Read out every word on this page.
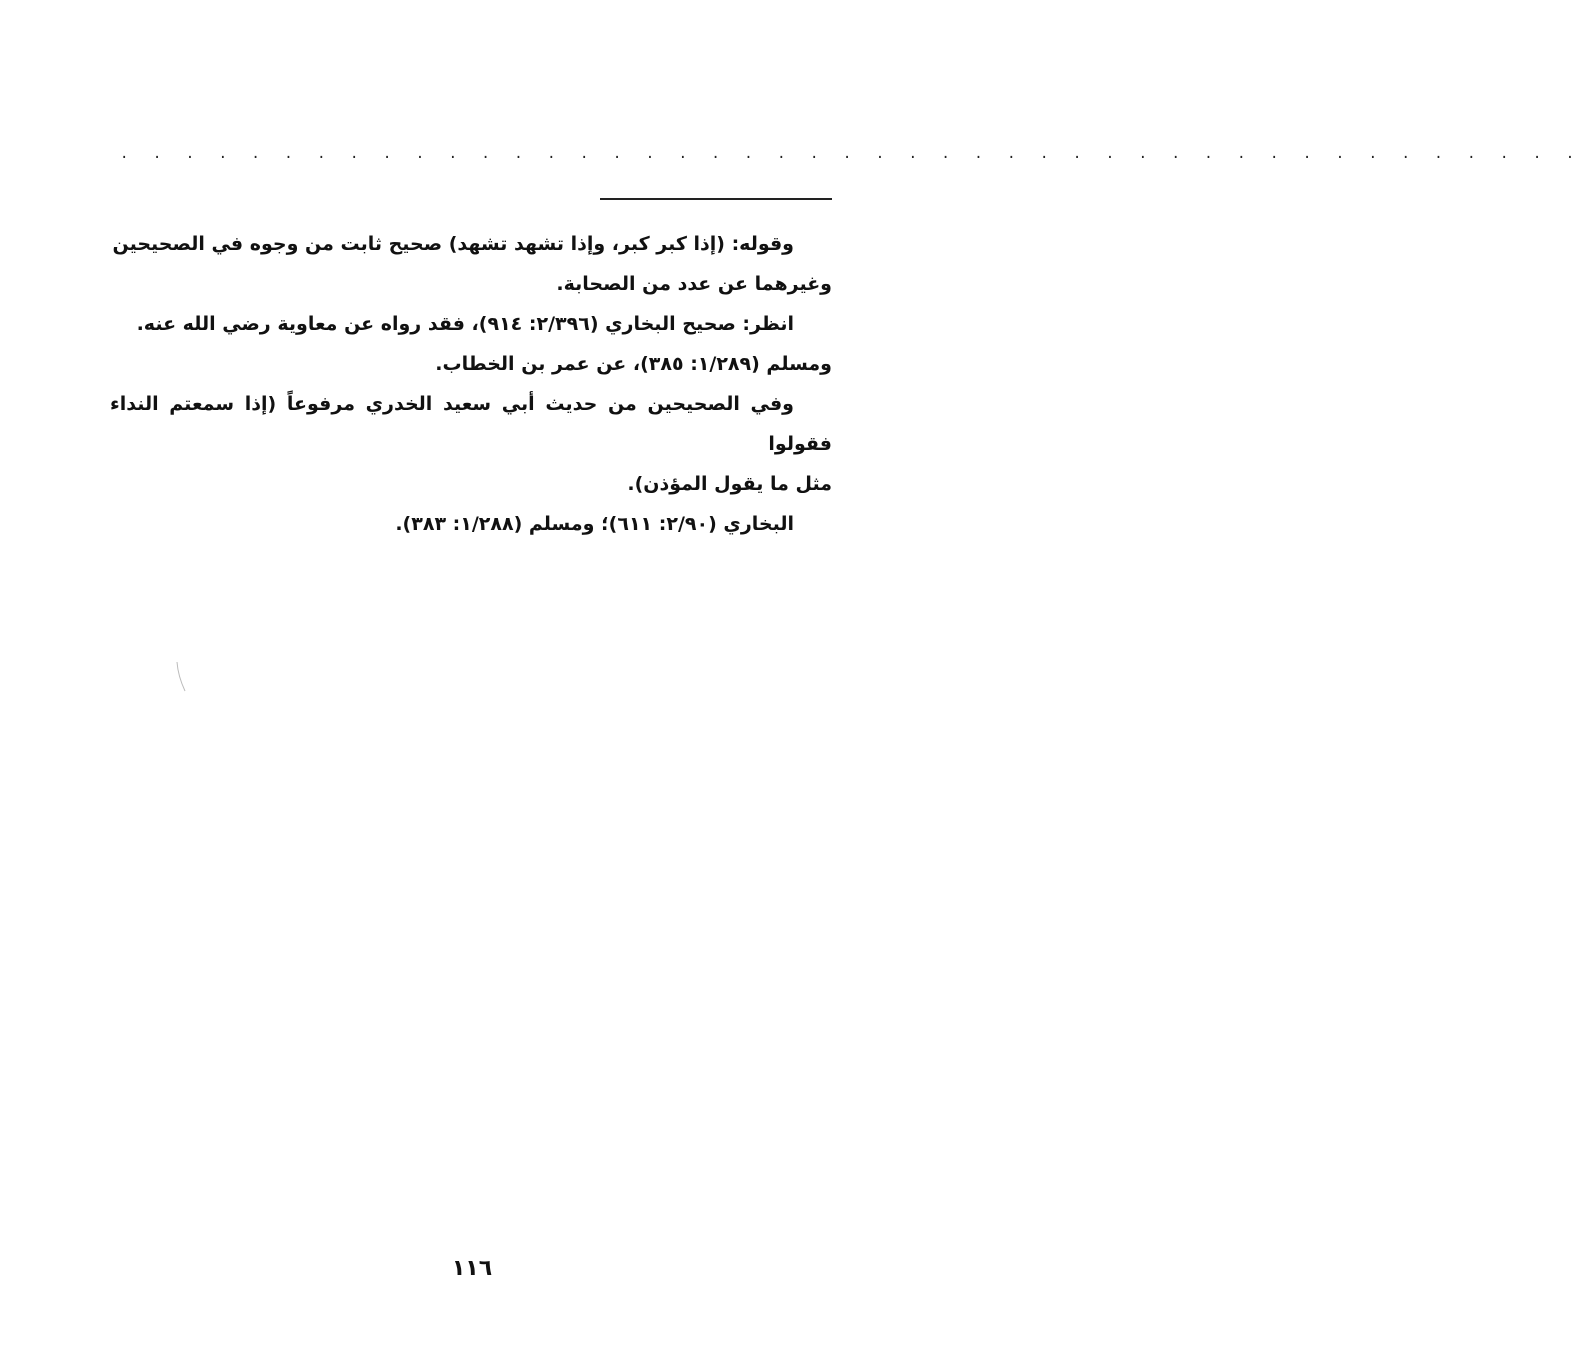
. . . . . . . . . . . . . . . . . . . . . . . . . . . . . . . . . . . . . . . . . . . . .

وقوله: (إذا كبر كبر، وإذا تشهد تشهد) صحيح ثابت من وجوه في الصحيحين
وغيرهما عن عدد من الصحابة.

انظر: صحيح البخاري (٢/٣٩٦: ٩١٤)، فقد رواه عن معاوية رضي الله عنه.
ومسلم (١/٢٨٩: ٣٨٥)، عن عمر بن الخطاب.

وفي الصحيحين من حديث أبي سعيد الخدري مرفوعاً (إذا سمعتم النداء فقولوا
مثل ما يقول المؤذن).

البخاري (٢/٩٠: ٦١١)؛ ومسلم (١/٢٨٨: ٣٨٣).

١١٦
